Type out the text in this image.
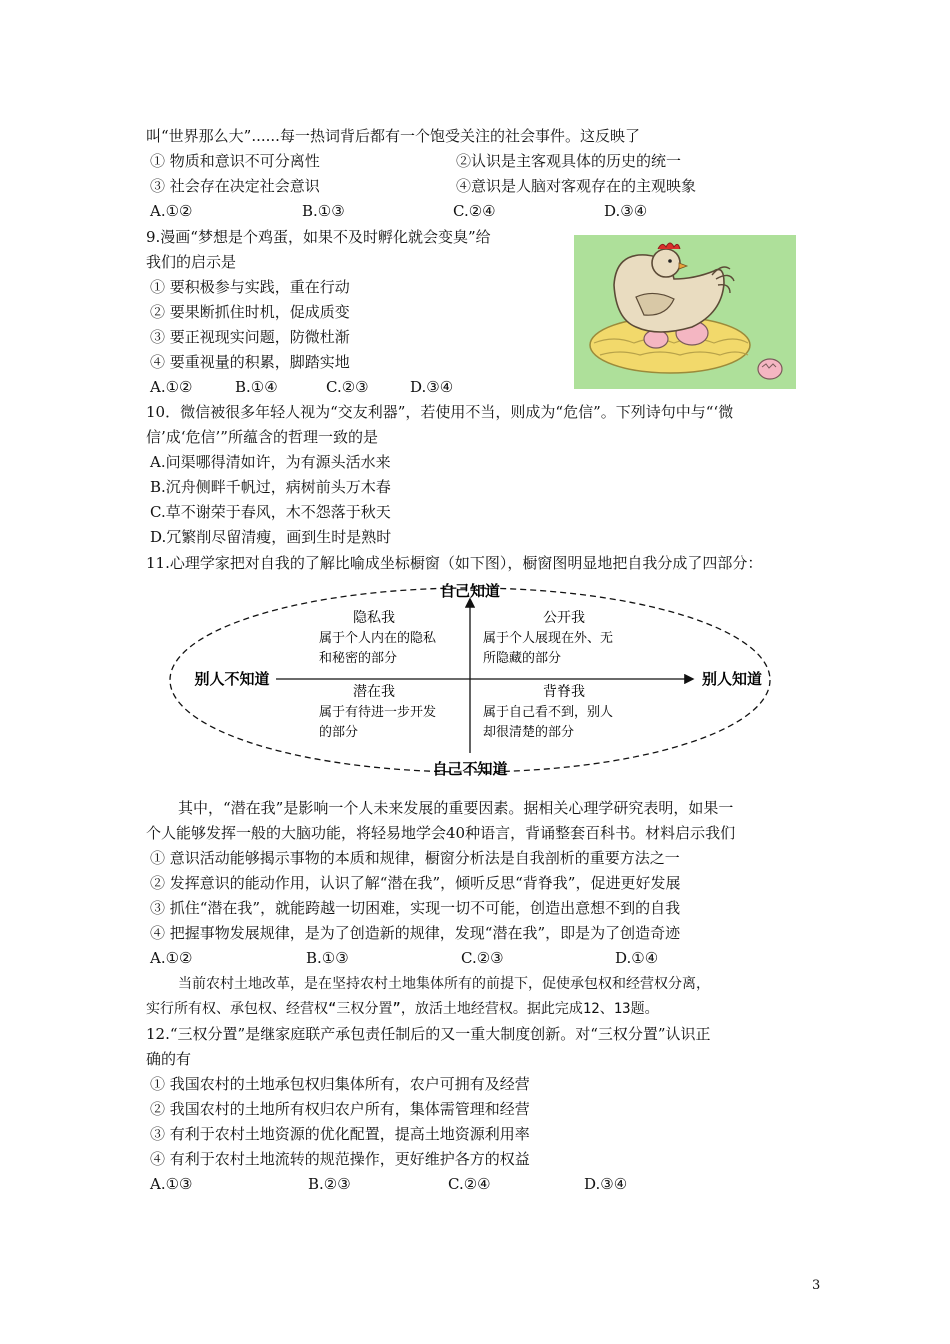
叫“世界那么大”......每一热词背后都有一个饱受关注的社会事件。这反映了
① 物质和意识不可分离性	②认识是主客观具体的历史的统一
③ 社会存在决定社会意识	④意识是人脑对客观存在的主观映象
A.①②	B.①③	C.②④	D.③④
9.漫画“梦想是个鸡蛋，如果不及时孵化就会变臭”给
我们的启示是
① 要积极参与实践，重在行动
② 要果断抓住时机，促成质变
③ 要正视现实问题，防微杜渐
④ 要重视量的积累，脚踏实地
A.①②	B.①④	C.②③	D.③④
10．微信被很多年轻人视为“交友利器”，若使用不当，则成为“危信”。下列诗句中与“‘微
信’成‘危信’”所蕴含的哲理一致的是
A.问渠哪得清如许，为有源头活水来
B.沉舟侧畔千帆过，病树前头万木春
C.草不谢荣于春风，木不怨落于秋天
D.冗繁削尽留清瘦，画到生时是熟时
11.心理学家把对自我的了解比喻成坐标橱窗（如下图），橱窗图明显地把自我分成了四部分：
自己知道
自己不知道
别人不知道	别人知道
隐私我
属于个人内在的隐私
和秘密的部分
公开我
属于个人展现在外、无
所隐藏的部分
潜在我
属于有待进一步开发
的部分
背脊我
属于自己看不到，别人
却很清楚的部分
其中，“潜在我”是影响一个人未来发展的重要因素。据相关心理学研究表明，如果一
个人能够发挥一般的大脑功能，将轻易地学会40种语言，背诵整套百科书。材料启示我们
① 意识活动能够揭示事物的本质和规律，橱窗分析法是自我剖析的重要方法之一
② 发挥意识的能动作用，认识了解“潜在我”，倾听反思“背脊我”，促进更好发展
③ 抓住“潜在我”，就能跨越一切困难，实现一切不可能，创造出意想不到的自我
④ 把握事物发展规律，是为了创造新的规律，发现“潜在我”，即是为了创造奇迹
A.①②	B.①③	C.②③	D.①④
当前农村土地改革，是在坚持农村土地集体所有的前提下，促使承包权和经营权分离，
实行所有权、承包权、经营权“三权分置”，放活土地经营权。据此完成12、13题。
12.“三权分置”是继家庭联产承包责任制后的又一重大制度创新。对“三权分置”认识正
确的有
① 我国农村的土地承包权归集体所有，农户可拥有及经营
② 我国农村的土地所有权归农户所有，集体需管理和经营
③ 有利于农村土地资源的优化配置，提高土地资源利用率
④ 有利于农村土地流转的规范操作，更好维护各方的权益
A.①③	B.②③	C.②④	D.③④
3
